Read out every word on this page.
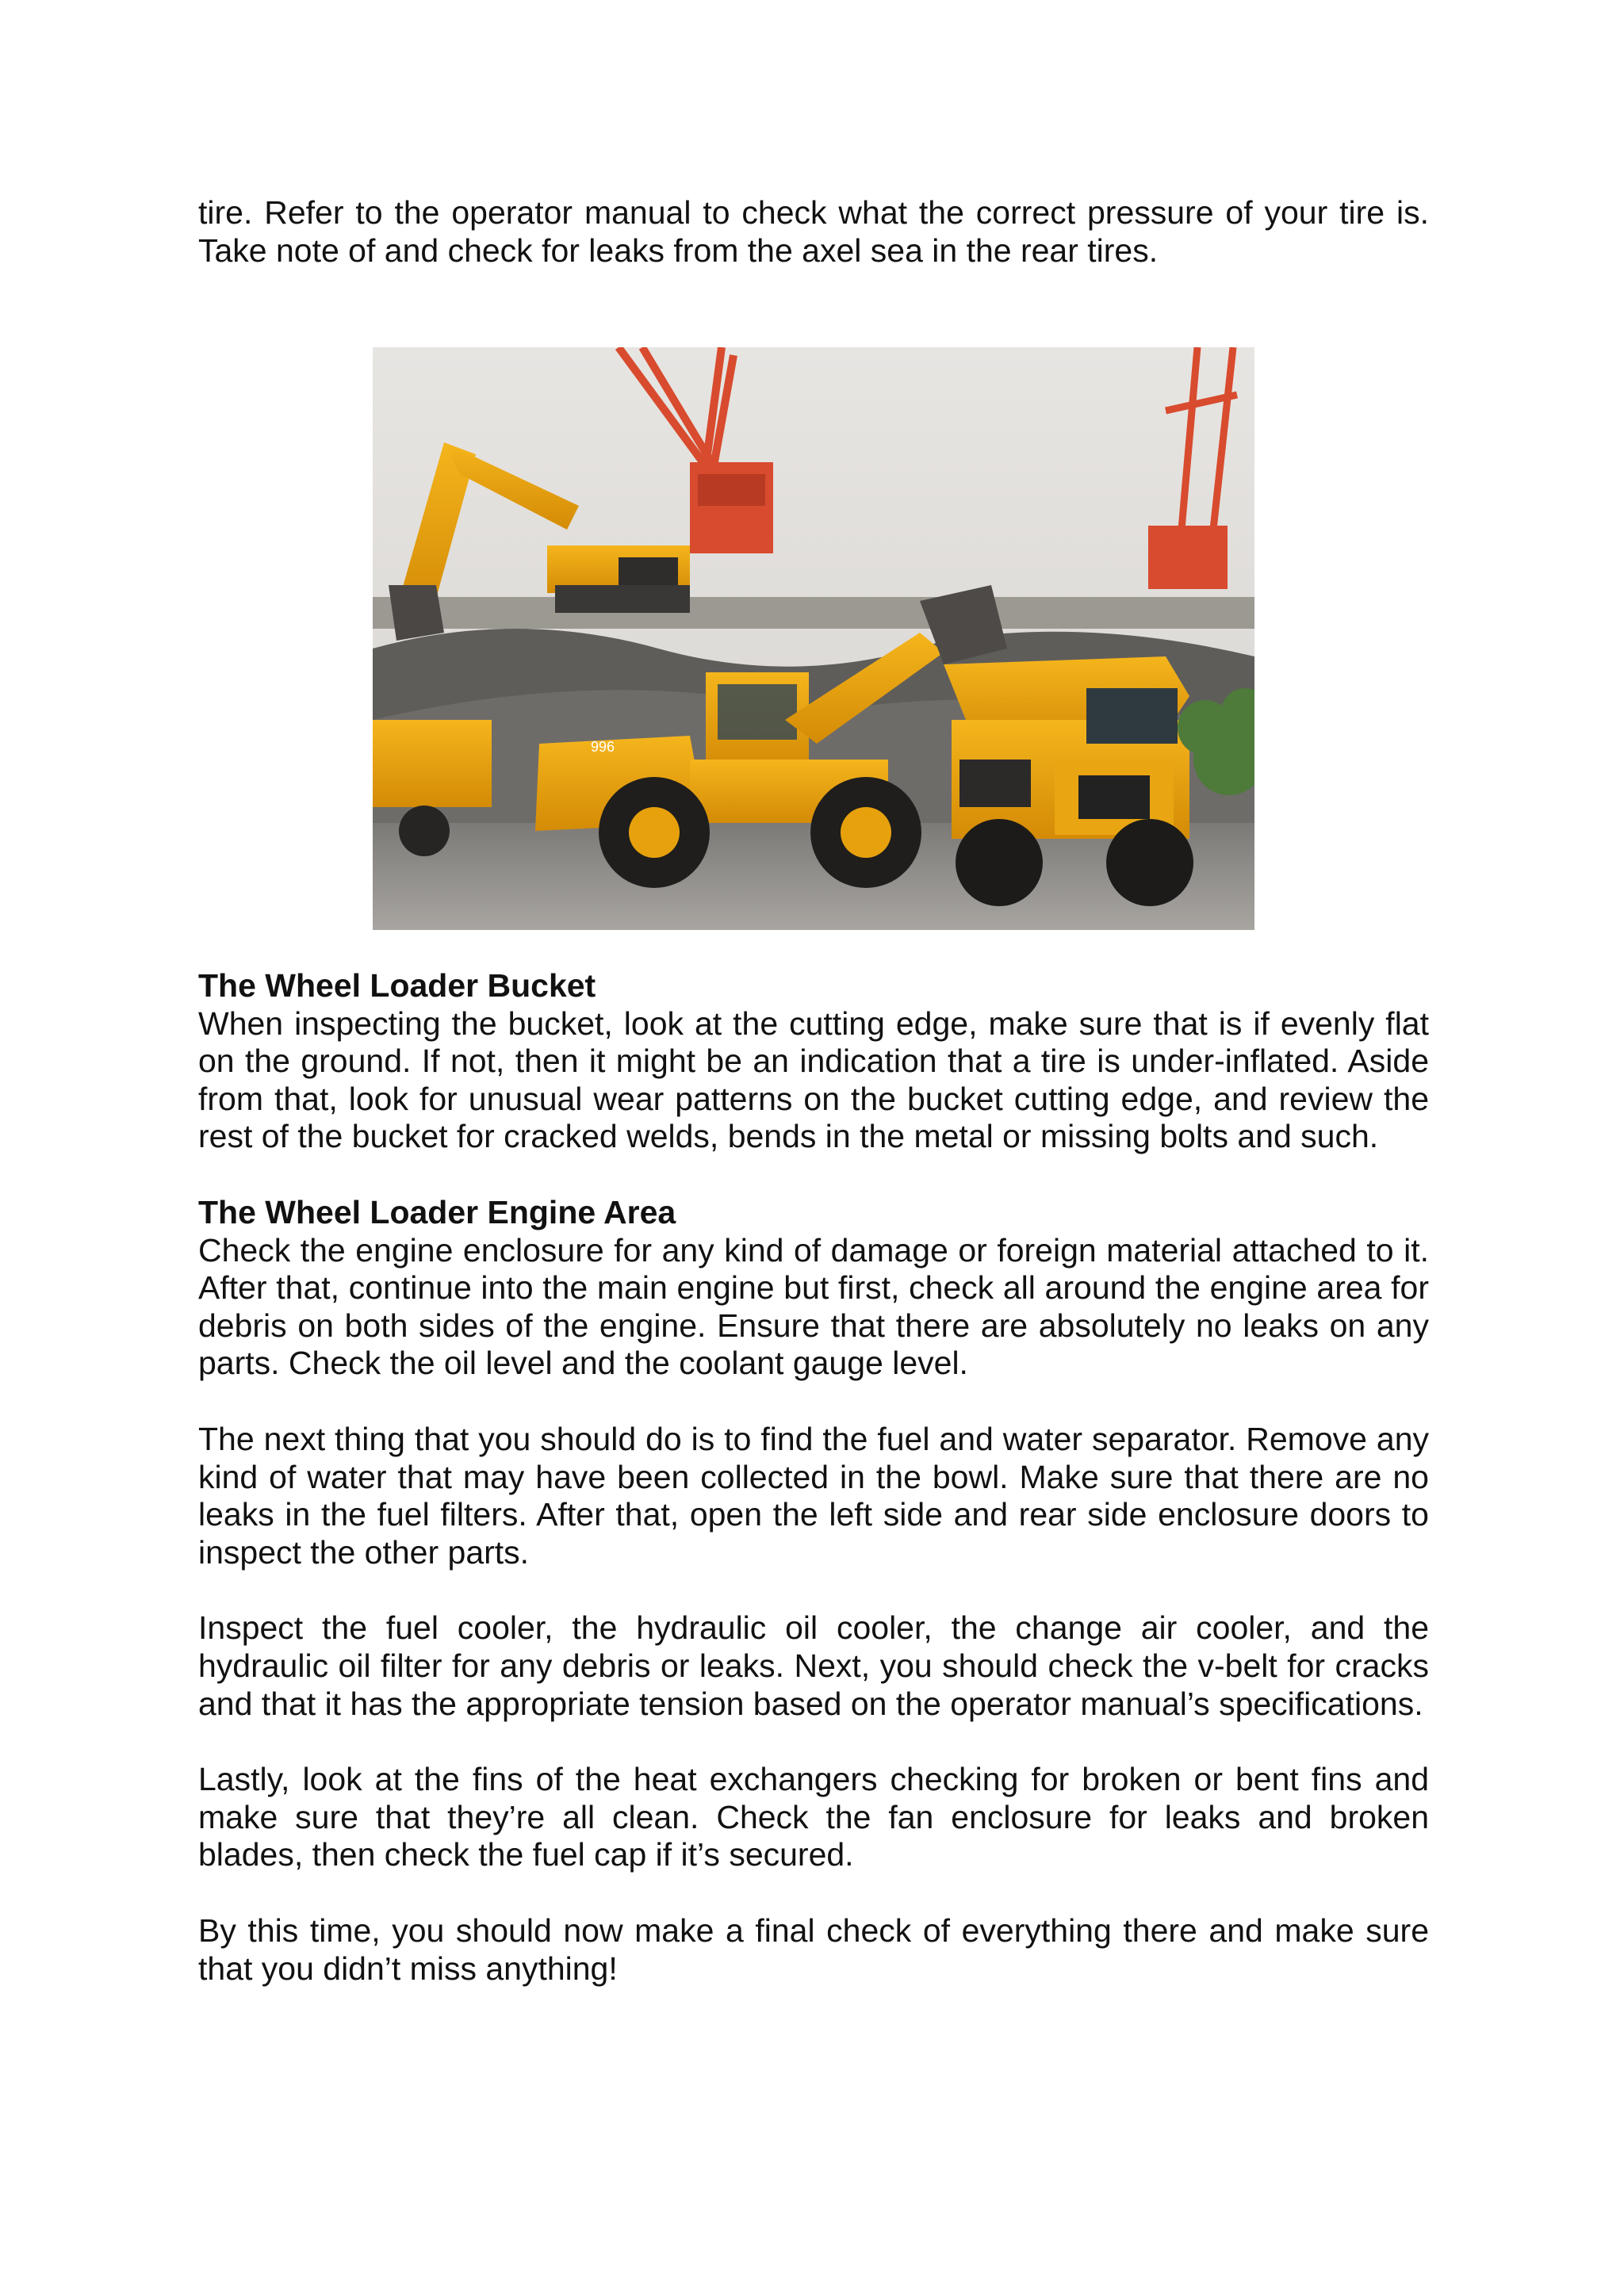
tire. Refer to the operator manual to check what the correct pressure of your tire is. Take note of and check for leaks from the axel sea in the rear tires.

996
The Wheel Loader Bucket

When inspecting the bucket, look at the cutting edge, make sure that is if evenly flat on the ground. If not, then it might be an indication that a tire is under-inflated. Aside from that, look for unusual wear patterns on the bucket cutting edge, and review the rest of the bucket for cracked welds, bends in the metal or missing bolts and such.

The Wheel Loader Engine Area

Check the engine enclosure for any kind of damage or foreign material attached to it. After that, continue into the main engine but first, check all around the engine area for debris on both sides of the engine. Ensure that there are absolutely no leaks on any parts. Check the oil level and the coolant gauge level.

The next thing that you should do is to find the fuel and water separator. Remove any kind of water that may have been collected in the bowl. Make sure that there are no leaks in the fuel filters. After that, open the left side and rear side enclosure doors to inspect the other parts.

Inspect the fuel cooler, the hydraulic oil cooler, the change air cooler, and the hydraulic oil filter for any debris or leaks. Next, you should check the v-belt for cracks and that it has the appropriate tension based on the operator manual’s specifications.

Lastly, look at the fins of the heat exchangers checking for broken or bent fins and make sure that they’re all clean. Check the fan enclosure for leaks and broken blades, then check the fuel cap if it’s secured.

By this time, you should now make a final check of everything there and make sure that you didn’t miss anything!
